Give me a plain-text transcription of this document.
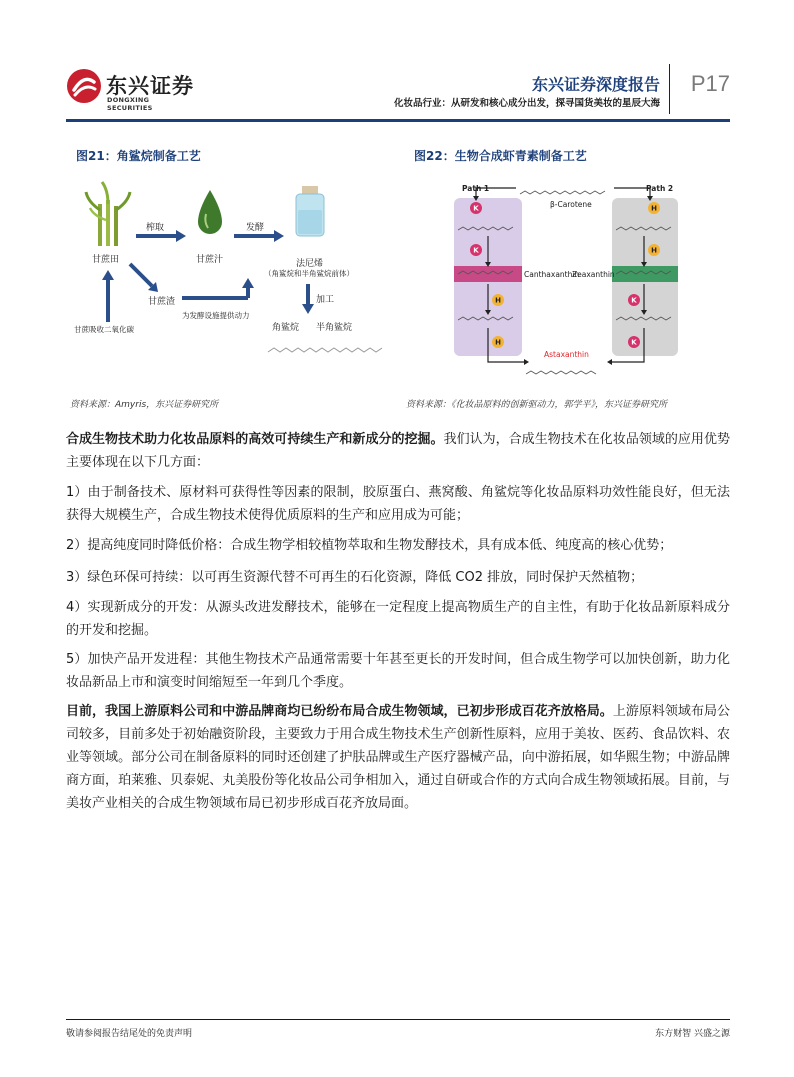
东兴证券
DONGXING SECURITIES
东兴证券深度报告
化妆品行业：从研发和核心成分出发，探寻国货美妆的星辰大海
P17
图21：角鲨烷制备工艺
甘蔗田
榨取
甘蔗汁
发酵
法尼烯
（角鲨烷和半角鲨烷前体）
甘蔗渣
为发酵设施提供动力
甘蔗吸收二氧化碳
加工
角鲨烷 半角鲨烷
资料来源：Amyris，东兴证券研究所
图22：生物合成虾青素制备工艺
K
K
H
H
H
H
K
K
Path 1	Path 2
β-Carotene
Canthaxanthin
Zeaxanthin
Astaxanthin
资料来源：《化妆品原料的创新驱动力，郭学平》，东兴证券研究所

合成生物技术助力化妆品原料的高效可持续生产和新成分的挖掘。我们认为，合成生物技术在化妆品领域的应用优势主要体现在以下几方面：

1）由于制备技术、原材料可获得性等因素的限制，胶原蛋白、燕窝酸、角鲨烷等化妆品原料功效性能良好，但无法获得大规模生产，合成生物技术使得优质原料的生产和应用成为可能；

2）提高纯度同时降低价格：合成生物学相较植物萃取和生物发酵技术，具有成本低、纯度高的核心优势；

3）绿色环保可持续：以可再生资源代替不可再生的石化资源，降低 CO2 排放，同时保护天然植物；

4）实现新成分的开发：从源头改进发酵技术，能够在一定程度上提高物质生产的自主性，有助于化妆品新原料成分的开发和挖掘。

5）加快产品开发进程：其他生物技术产品通常需要十年甚至更长的开发时间，但合成生物学可以加快创新，助力化妆品新品上市和演变时间缩短至一年到几个季度。

目前，我国上游原料公司和中游品牌商均已纷纷布局合成生物领域，已初步形成百花齐放格局。上游原料领域布局公司较多，目前多处于初始融资阶段，主要致力于用合成生物技术生产创新性原料，应用于美妆、医药、食品饮料、农业等领域。部分公司在制备原料的同时还创建了护肤品牌或生产医疗器械产品，向中游拓展，如华熙生物；中游品牌商方面，珀莱雅、贝泰妮、丸美股份等化妆品公司争相加入，通过自研或合作的方式向合成生物领域拓展。目前，与美妆产业相关的合成生物领域布局已初步形成百花齐放局面。

敬请参阅报告结尾处的免责声明	东方财智 兴盛之源
